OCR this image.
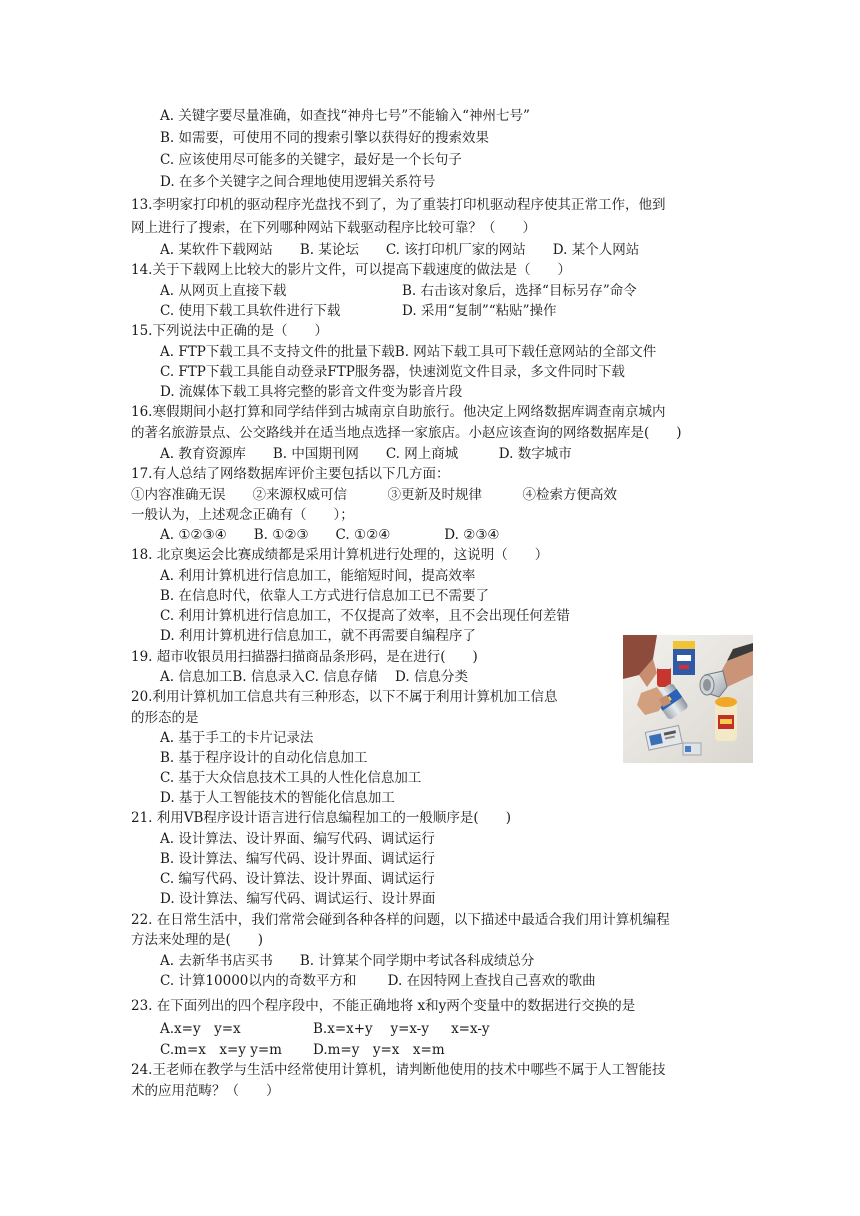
A. 关键字要尽量准确，如查找“神舟七号”不能输入“神州七号”
B. 如需要，可使用不同的搜索引擎以获得好的搜索效果
C. 应该使用尽可能多的关键字，最好是一个长句子
D. 在多个关键字之间合理地使用逻辑关系符号
13.李明家打印机的驱动程序光盘找不到了，为了重装打印机驱动程序使其正常工作，他到
网上进行了搜索，在下列哪种网站下载驱动程序比较可靠？（　　）
A. 某软件下载网站　　B. 某论坛　　C. 该打印机厂家的网站　　D. 某个人网站
14.关于下载网上比较大的影片文件，可以提高下载速度的做法是（　　）
A. 从网页上直接下载	B. 右击该对象后，选择“目标另存”命令
C. 使用下载工具软件进行下载	D. 采用“复制”“粘贴”操作
15.下列说法中正确的是（　　）
A. FTP下载工具不支持文件的批量下载B. 网站下载工具可下载任意网站的全部文件
C. FTP下载工具能自动登录FTP服务器，快速浏览文件目录，多文件同时下载
D. 流媒体下载工具将完整的影音文件变为影音片段
16.寒假期间小赵打算和同学结伴到古城南京自助旅行。他决定上网络数据库调查南京城内
的著名旅游景点、公交路线并在适当地点选择一家旅店。小赵应该查询的网络数据库是(　　)
A. 教育资源库　　B. 中国期刊网　　C. 网上商城　　　D. 数字城市
17.有人总结了网络数据库评价主要包括以下几方面：
①内容准确无误　　②来源权威可信　　　③更新及时规律　　　④检索方便高效
一般认为，上述观念正确有（　　）；
A. ①②③④　　B. ①②③　　C. ①②④　　　　D. ②③④
18. 北京奥运会比赛成绩都是采用计算机进行处理的，这说明（　　）
A. 利用计算机进行信息加工，能缩短时间，提高效率
B. 在信息时代，依靠人工方式进行信息加工已不需要了
C. 利用计算机进行信息加工，不仅提高了效率，且不会出现任何差错
D. 利用计算机进行信息加工，就不再需要自编程序了
19. 超市收银员用扫描器扫描商品条形码，是在进行(　　)
A. 信息加工B. 信息录入C. 信息存储　 D. 信息分类
20.利用计算机加工信息共有三种形态，以下不属于利用计算机加工信息
的形态的是
A. 基于手工的卡片记录法
B. 基于程序设计的自动化信息加工
C. 基于大众信息技术工具的人性化信息加工
D. 基于人工智能技术的智能化信息加工
21. 利用VB程序设计语言进行信息编程加工的一般顺序是(　　)
A. 设计算法、设计界面、编写代码、调试运行
B. 设计算法、编写代码、设计界面、调试运行
C. 编写代码、设计算法、设计界面、调试运行
D. 设计算法、编写代码、调试运行、设计界面
22. 在日常生活中，我们常常会碰到各种各样的问题，以下描述中最适合我们用计算机编程
方法来处理的是(　　)
A. 去新华书店买书　　B. 计算某个同学期中考试各科成绩总分
C. 计算10000以内的奇数平方和　　 D. 在因特网上查找自己喜欢的歌曲
23. 在下面列出的四个程序段中，不能正确地将 x和y两个变量中的数据进行交换的是
A.x=y　y=x	B.x=x+y　 y=x-y　  x=x-y
C.m=x　x=y y=m D.m=y　y=x　x=m
24.王老师在教学与生活中经常使用计算机，请判断他使用的技术中哪些不属于人工智能技
术的应用范畴？（　　）
